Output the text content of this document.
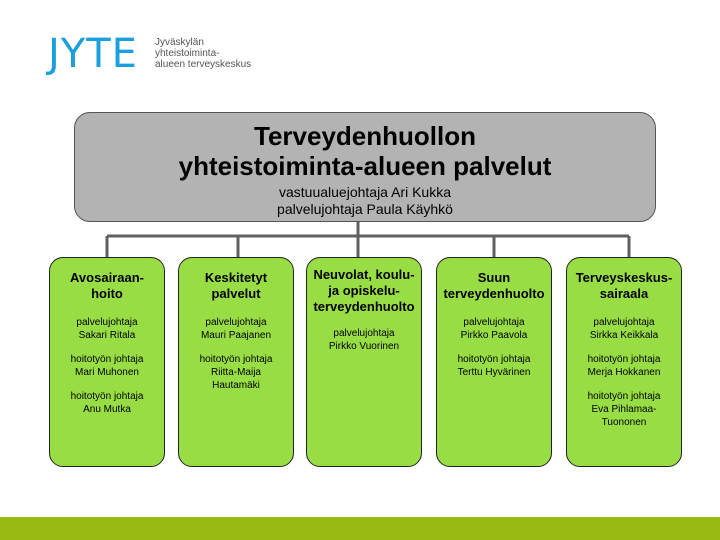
JYTE Jyväskylän
yhteistoiminta-
alueen terveyskeskus
Terveydenhuollon
yhteistoiminta-alueen palvelut
vastuualuejohtaja Ari Kukka
palvelujohtaja Paula Käyhkö
Avosairaan-
hoito
palvelujohtaja
Sakari Ritala
hoitotyön johtaja
Mari Muhonen
hoitotyön johtaja
Anu Mutka
Keskitetyt
palvelut
palvelujohtaja
Mauri Paajanen
hoitotyön johtaja
Riitta-Maija
Hautamäki
Neuvolat, koulu-
ja opiskelu-
terveydenhuolto
palvelujohtaja
Pirkko Vuorinen
Suun
terveydenhuolto
palvelujohtaja
Pirkko Paavola
hoitotyön johtaja
Terttu Hyvärinen
Terveyskeskus-
sairaala
palvelujohtaja
Sirkka Keikkala
hoitotyön johtaja
Merja Hokkanen
hoitotyön johtaja
Eva Pihlamaa-
Tuononen
